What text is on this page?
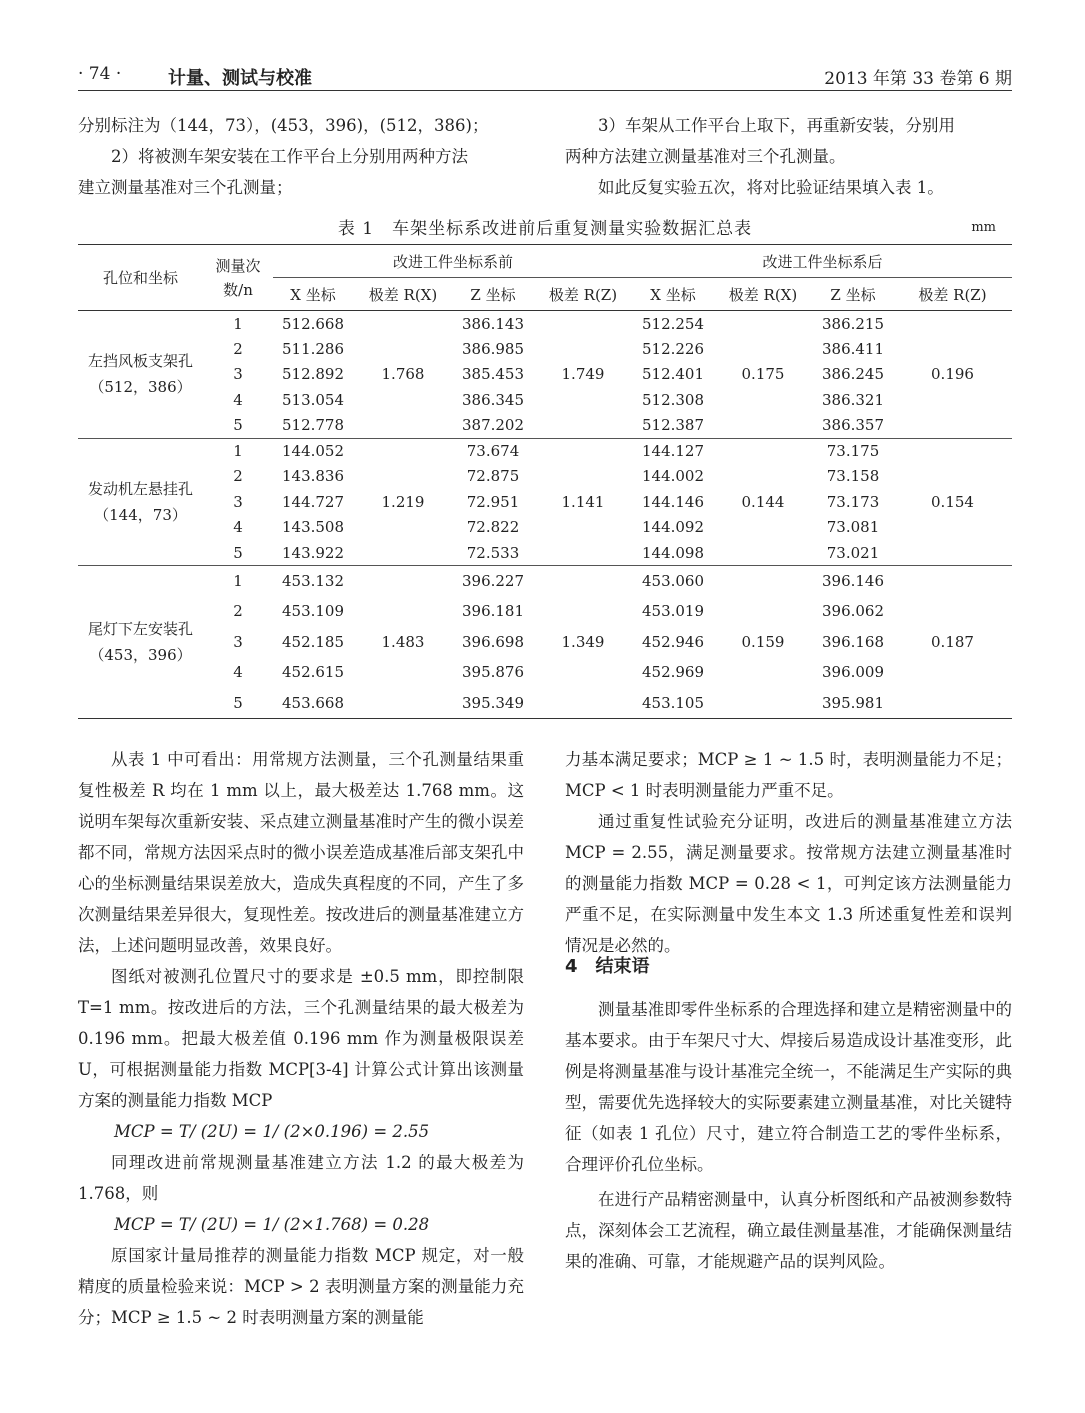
· 74 ·	计量、测试与校准	2013 年第 33 卷第 6 期

分别标注为（144，73），(453，396)，(512，386)；

2）将被测车架安装在工作平台上分别用两种方法

建立测量基准对三个孔测量；

3）车架从工作平台上取下，再重新安装，分别用

两种方法建立测量基准对三个孔测量。

如此反复实验五次，将对比验证结果填入表 1。

表 1　车架坐标系改进前后重复测量实验数据汇总表	mm
孔位和坐标	测量次数/n	改进工件坐标系前				改进工件坐标系后			
		X 坐标	极差 R(X)	Z 坐标	极差 R(Z)	X 坐标	极差 R(X)	Z 坐标	极差 R(Z)

左挡风板支架孔
（512，386）	1	512.668	1.768	386.143	1.749	512.254	0.175	386.215	0.196
	2	511.286		386.985		512.226		386.411	
	3	512.892		385.453		512.401		386.245	
	4	513.054		386.345		512.308		386.321	
	5	512.778		387.202		512.387		386.357	

发动机左悬挂孔
（144，73）	1	144.052	1.219	73.674	1.141	144.127	0.144	73.175	0.154
	2	143.836		72.875		144.002		73.158	
	3	144.727		72.951		144.146		73.173	
	4	143.508		72.822		144.092		73.081	
	5	143.922		72.533		144.098		73.021	

尾灯下左安装孔
（453，396）	1	453.132	1.483	396.227	1.349	453.060	0.159	396.146	0.187
	2	453.109		396.181		453.019		396.062	
	3	452.185		396.698		452.946		396.168	
	4	452.615		395.876		452.969		396.009	
	5	453.668		395.349		453.105		395.981	

从表 1 中可看出：用常规方法测量，三个孔测量结果重复性极差 R 均在 1 mm 以上，最大极差达 1.768 mm。这说明车架每次重新安装、采点建立测量基准时产生的微小误差都不同，常规方法因采点时的微小误差造成基准后部支架孔中心的坐标测量结果误差放大，造成失真程度的不同，产生了多次测量结果差异很大，复现性差。按改进后的测量基准建立方法，上述问题明显改善，效果良好。

图纸对被测孔位置尺寸的要求是 ±0.5 mm，即控制限 T=1 mm。按改进后的方法，三个孔测量结果的最大极差为 0.196 mm。把最大极差值 0.196 mm 作为测量极限误差 U，可根据测量能力指数 MCP[3-4] 计算公式计算出该测量方案的测量能力指数 MCP

MCP = T/ (2U) = 1/ (2×0.196) = 2.55

同理改进前常规测量基准建立方法 1.2 的最大极差为 1.768，则

MCP = T/ (2U) = 1/ (2×1.768) = 0.28

原国家计量局推荐的测量能力指数 MCP 规定，对一般精度的质量检验来说：MCP > 2 表明测量方案的测量能力充分；MCP ≥ 1.5 ~ 2 时表明测量方案的测量能

力基本满足要求；MCP ≥ 1 ~ 1.5 时，表明测量能力不足；MCP < 1 时表明测量能力严重不足。

通过重复性试验充分证明，改进后的测量基准建立方法 MCP = 2.55，满足测量要求。按常规方法建立测量基准时的测量能力指数 MCP = 0.28 < 1，可判定该方法测量能力严重不足，在实际测量中发生本文 1.3 所述重复性差和误判情况是必然的。

4　结束语

测量基准即零件坐标系的合理选择和建立是精密测量中的基本要求。由于车架尺寸大、焊接后易造成设计基准变形，此例是将测量基准与设计基准完全统一，不能满足生产实际的典型，需要优先选择较大的实际要素建立测量基准，对比关键特征（如表 1 孔位）尺寸，建立符合制造工艺的零件坐标系，合理评价孔位坐标。

在进行产品精密测量中，认真分析图纸和产品被测参数特点，深刻体会工艺流程，确立最佳测量基准，才能确保测量结果的准确、可靠，才能规避产品的误判风险。
